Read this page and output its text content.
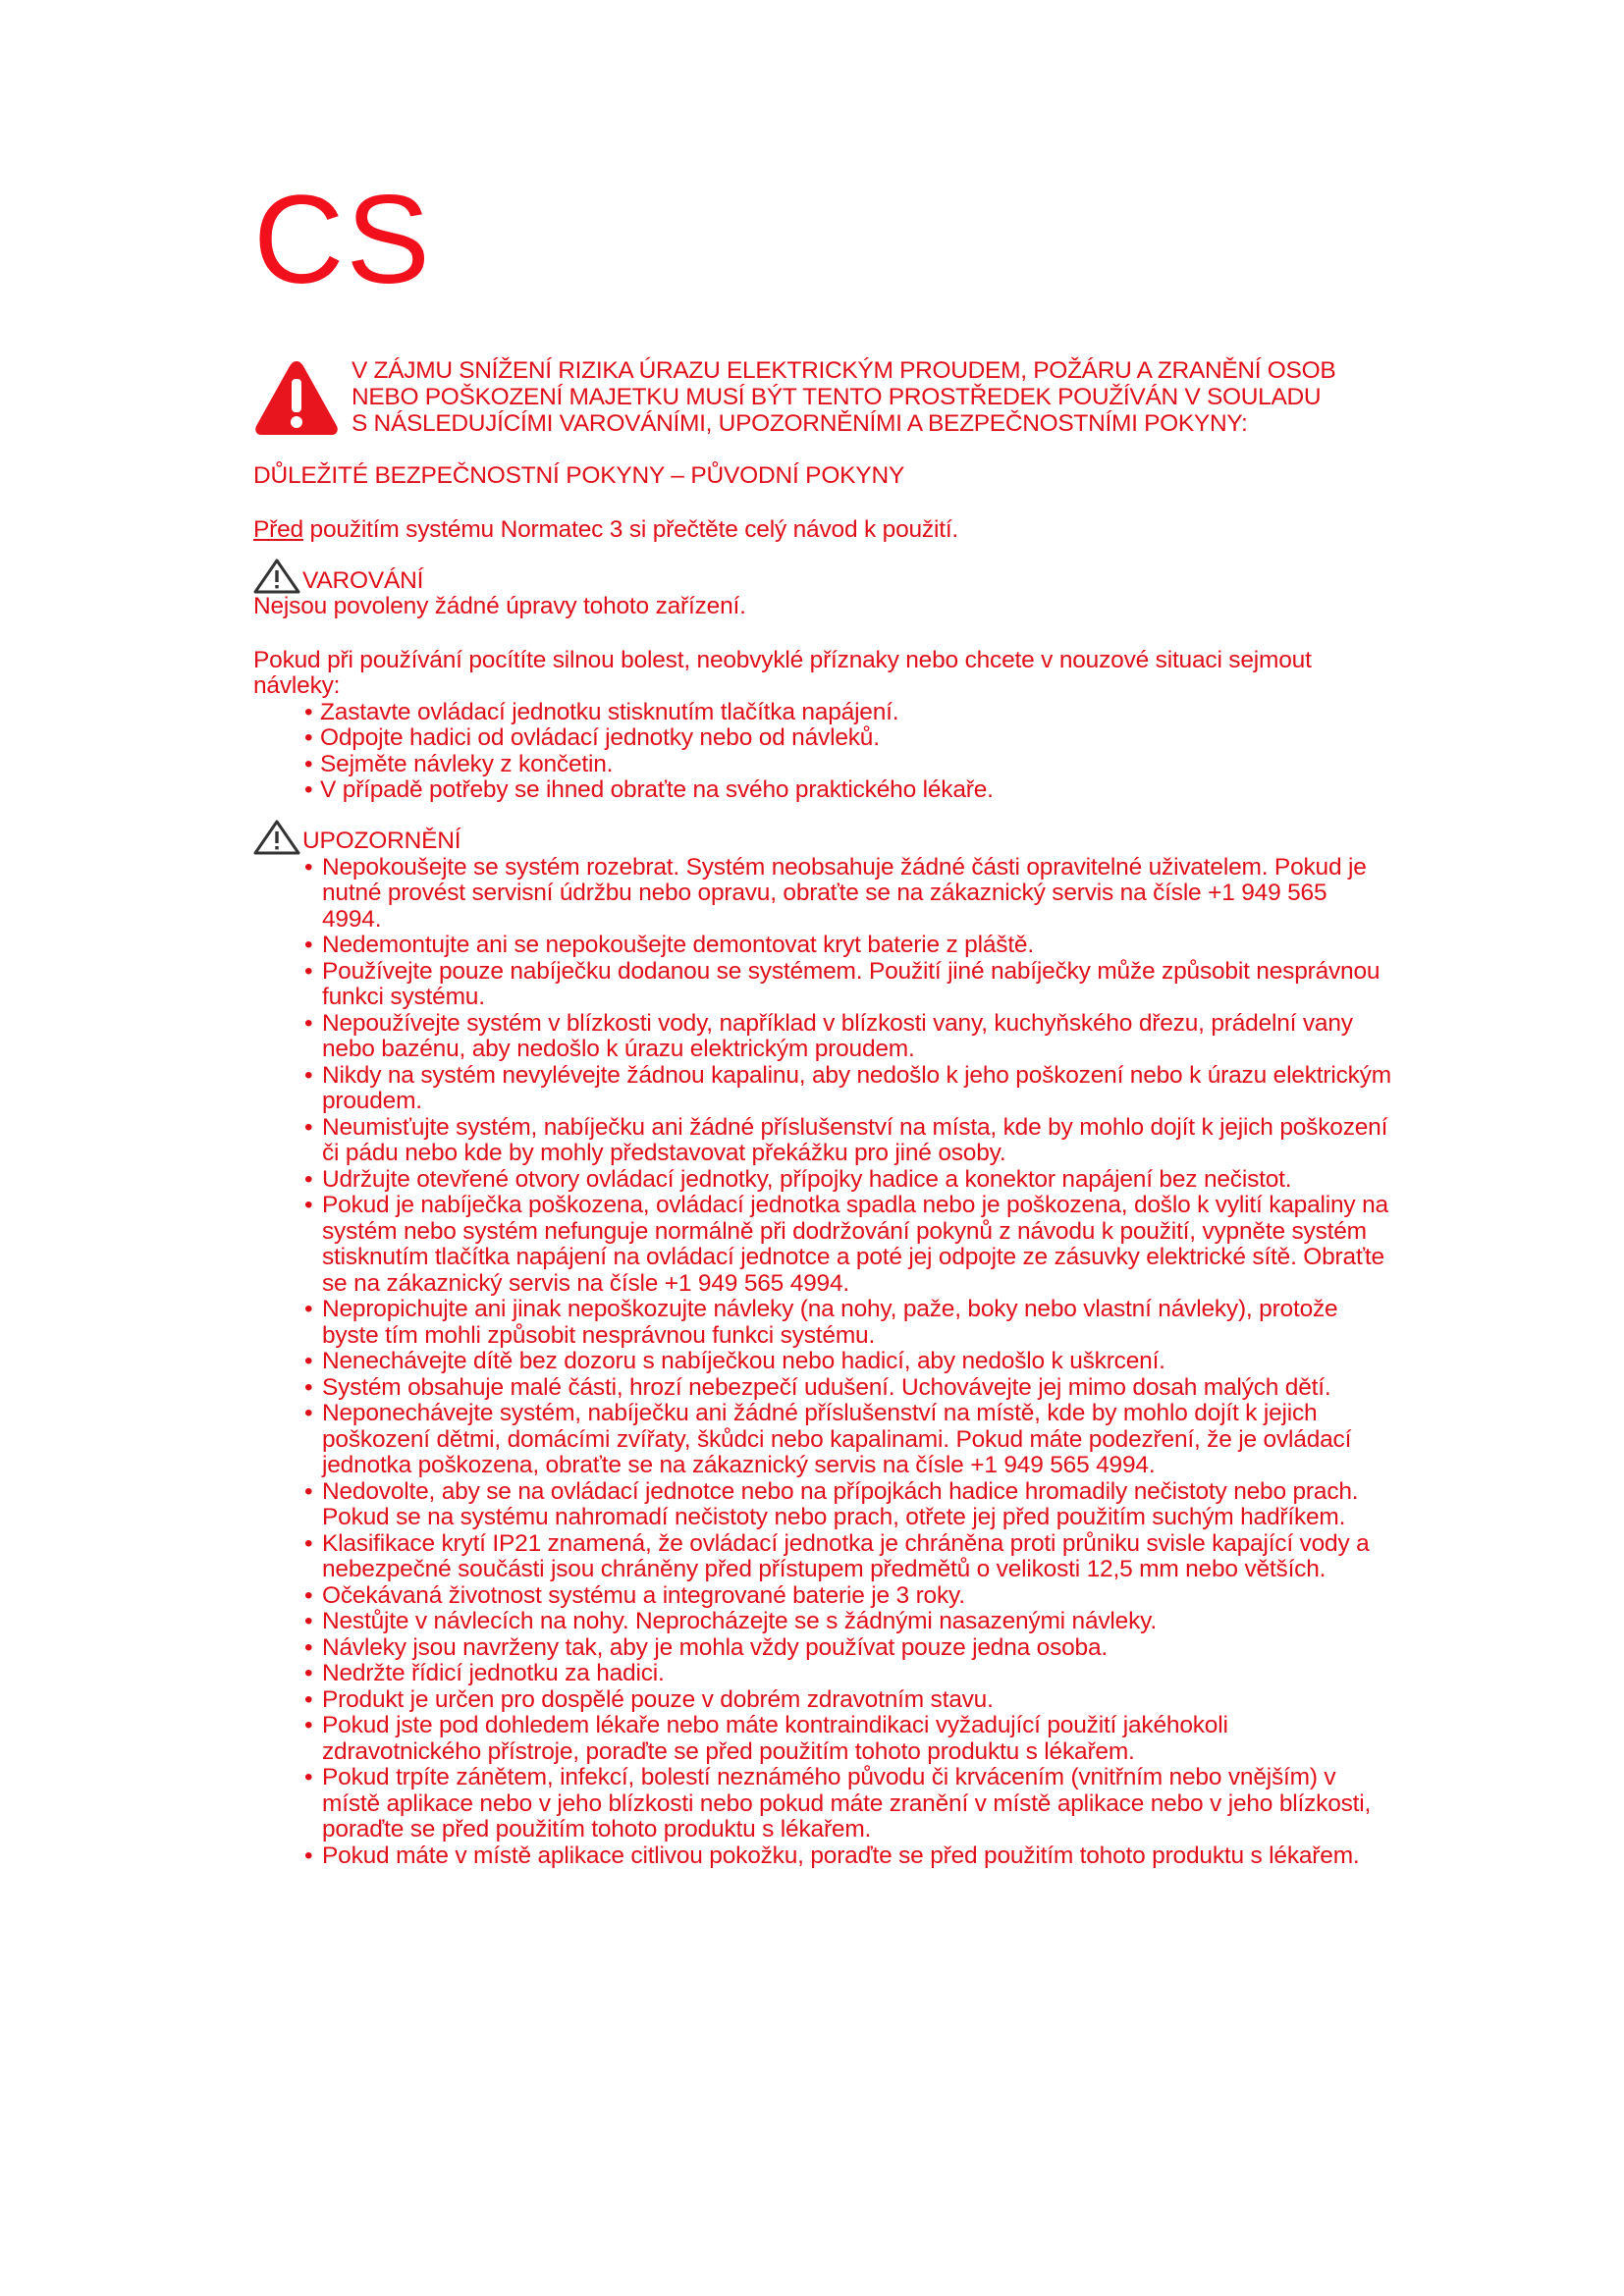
CS
V ZÁJMU SNÍŽENÍ RIZIKA ÚRAZU ELEKTRICKÝM PROUDEM, POŽÁRU A ZRANĚNÍ OSOB
NEBO POŠKOZENÍ MAJETKU MUSÍ BÝT TENTO PROSTŘEDEK POUŽÍVÁN V SOULADU
S NÁSLEDUJÍCÍMI VAROVÁNÍMI, UPOZORNĚNÍMI A BEZPEČNOSTNÍMI POKYNY:

DŮLEŽITÉ BEZPEČNOSTNÍ POKYNY – PŮVODNÍ POKYNY

Před použitím systému Normatec 3 si přečtěte celý návod k použití.

VAROVÁNÍ

Nejsou povoleny žádné úpravy tohoto zařízení.

Pokud při používání pocítíte silnou bolest, neobvyklé příznaky nebo chcete v nouzové situaci sejmout návleky:

• Zastavte ovládací jednotku stisknutím tlačítka napájení.
• Odpojte hadici od ovládací jednotky nebo od návleků.
• Sejměte návleky z končetin.
• V případě potřeby se ihned obraťte na svého praktického lékaře.
UPOZORNĚNÍ
• Nepokoušejte se systém rozebrat. Systém neobsahuje žádné části opravitelné uživatelem. Pokud je nutné provést servisní údržbu nebo opravu, obraťte se na zákaznický servis na čísle +1 949 565 4994.
• Nedemontujte ani se nepokoušejte demontovat kryt baterie z pláště.
• Používejte pouze nabíječku dodanou se systémem. Použití jiné nabíječky může způsobit nesprávnou funkci systému.
• Nepoužívejte systém v blízkosti vody, například v blízkosti vany, kuchyňského dřezu, prádelní vany nebo bazénu, aby nedošlo k úrazu elektrickým proudem.
• Nikdy na systém nevylévejte žádnou kapalinu, aby nedošlo k jeho poškození nebo k úrazu elektrickým proudem.
• Neumisťujte systém, nabíječku ani žádné příslušenství na místa, kde by mohlo dojít k jejich poškození či pádu nebo kde by mohly představovat překážku pro jiné osoby.
• Udržujte otevřené otvory ovládací jednotky, přípojky hadice a konektor napájení bez nečistot.
• Pokud je nabíječka poškozena, ovládací jednotka spadla nebo je poškozena, došlo k vylití kapaliny na systém nebo systém nefunguje normálně při dodržování pokynů z návodu k použití, vypněte systém stisknutím tlačítka napájení na ovládací jednotce a poté jej odpojte ze zásuvky elektrické sítě. Obraťte se na zákaznický servis na čísle +1 949 565 4994.
• Nepropichujte ani jinak nepoškozujte návleky (na nohy, paže, boky nebo vlastní návleky), protože byste tím mohli způsobit nesprávnou funkci systému.
• Nenechávejte dítě bez dozoru s nabíječkou nebo hadicí, aby nedošlo k uškrcení.
• Systém obsahuje malé části, hrozí nebezpečí udušení. Uchovávejte jej mimo dosah malých dětí.
• Neponechávejte systém, nabíječku ani žádné příslušenství na místě, kde by mohlo dojít k jejich poškození dětmi, domácími zvířaty, škůdci nebo kapalinami. Pokud máte podezření, že je ovládací jednotka poškozena, obraťte se na zákaznický servis na čísle +1 949 565 4994.
• Nedovolte, aby se na ovládací jednotce nebo na přípojkách hadice hromadily nečistoty nebo prach. Pokud se na systému nahromadí nečistoty nebo prach, otřete jej před použitím suchým hadříkem.
• Klasifikace krytí IP21 znamená, že ovládací jednotka je chráněna proti průniku svisle kapající vody a nebezpečné součásti jsou chráněny před přístupem předmětů o velikosti 12,5 mm nebo větších.
• Očekávaná životnost systému a integrované baterie je 3 roky.
• Nestůjte v návlecích na nohy. Neprocházejte se s žádnými nasazenými návleky.
• Návleky jsou navrženy tak, aby je mohla vždy používat pouze jedna osoba.
• Nedržte řídicí jednotku za hadici.
• Produkt je určen pro dospělé pouze v dobrém zdravotním stavu.
• Pokud jste pod dohledem lékaře nebo máte kontraindikaci vyžadující použití jakéhokoli zdravotnického přístroje, poraďte se před použitím tohoto produktu s lékařem.
• Pokud trpíte zánětem, infekcí, bolestí neznámého původu či krvácením (vnitřním nebo vnějším) v místě aplikace nebo v jeho blízkosti nebo pokud máte zranění v místě aplikace nebo v jeho blízkosti, poraďte se před použitím tohoto produktu s lékařem.
• Pokud máte v místě aplikace citlivou pokožku, poraďte se před použitím tohoto produktu s lékařem.
